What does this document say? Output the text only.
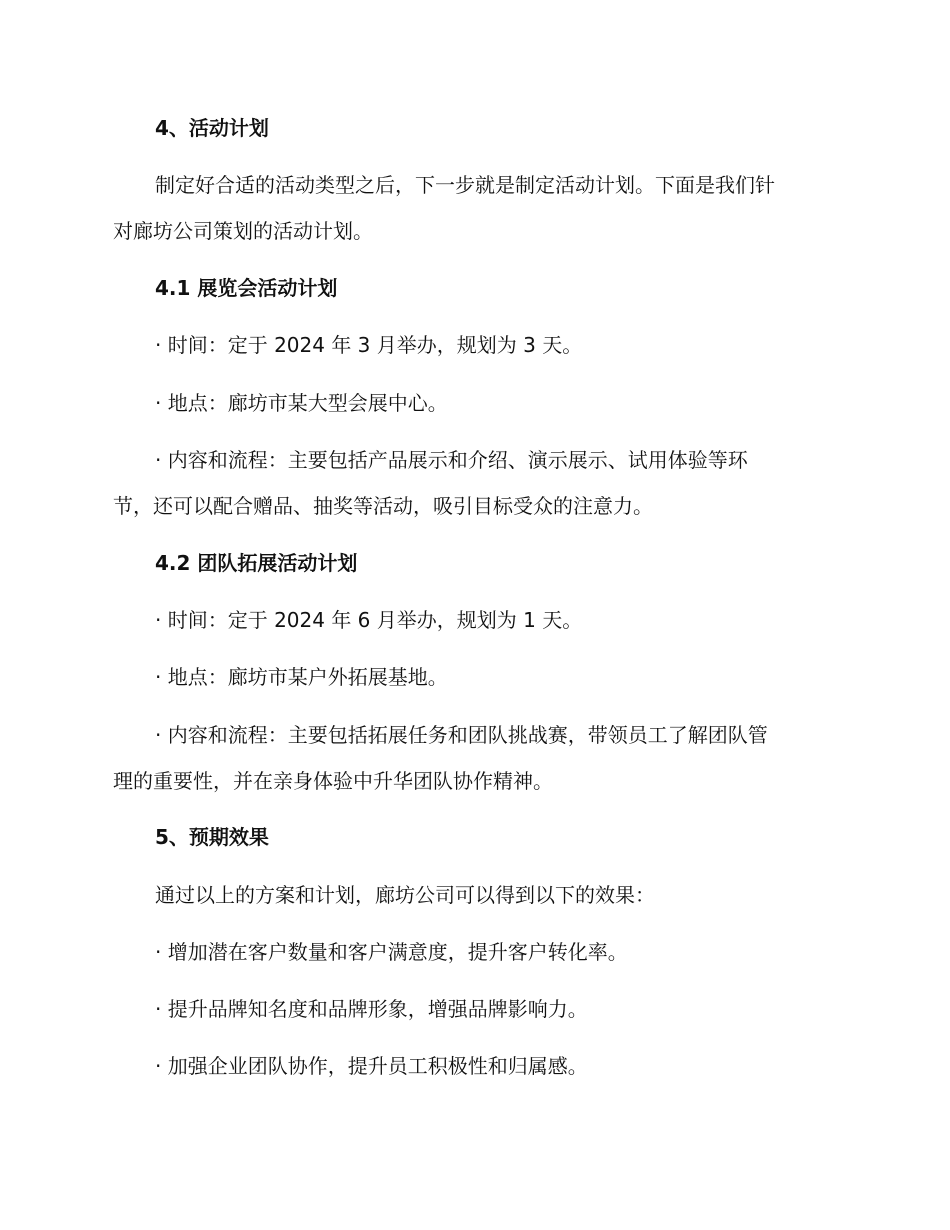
4、活动计划
制定好合适的活动类型之后，下一步就是制定活动计划。下面是我们针
对廊坊公司策划的活动计划。
4.1 展览会活动计划
· 时间：定于 2024 年 3 月举办，规划为 3 天。
· 地点：廊坊市某大型会展中心。
· 内容和流程：主要包括产品展示和介绍、演示展示、试用体验等环
节，还可以配合赠品、抽奖等活动，吸引目标受众的注意力。
4.2 团队拓展活动计划
· 时间：定于 2024 年 6 月举办，规划为 1 天。
· 地点：廊坊市某户外拓展基地。
· 内容和流程：主要包括拓展任务和团队挑战赛，带领员工了解团队管
理的重要性，并在亲身体验中升华团队协作精神。
5、预期效果
通过以上的方案和计划，廊坊公司可以得到以下的效果：
· 增加潜在客户数量和客户满意度，提升客户转化率。
· 提升品牌知名度和品牌形象，增强品牌影响力。
· 加强企业团队协作，提升员工积极性和归属感。
